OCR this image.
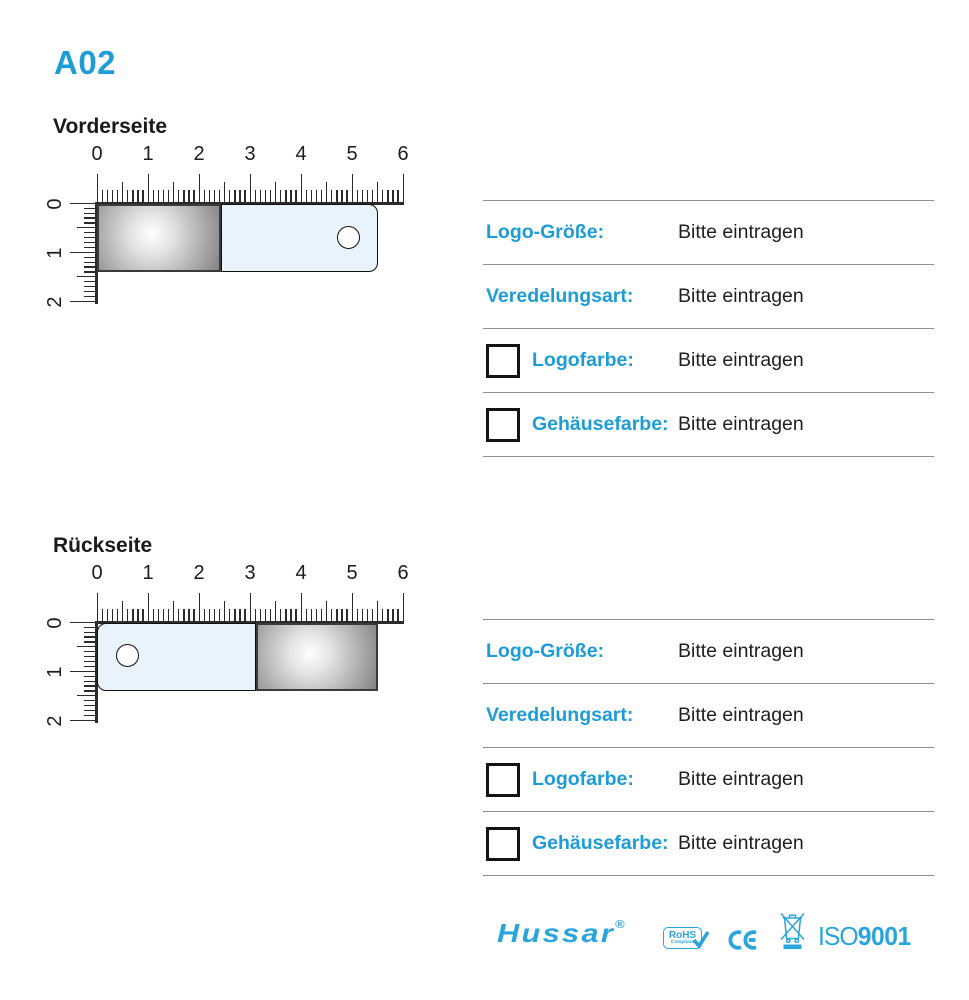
A02
Vorderseite
0 1 2 3 4 5 6
0
1
2
Logo-Größe:	Bitte eintragen
Veredelungsart: Bitte eintragen
Logofarbe: Bitte eintragen
Gehäusefarbe: Bitte eintragen
Rückseite
0 1 2 3 4 5 6
0
1
2
Logo-Größe:	Bitte eintragen
Veredelungsart: Bitte eintragen
Logofarbe: Bitte eintragen
Gehäusefarbe: Bitte eintragen
Hussar®
RoHS
Compliant	ISO9001
